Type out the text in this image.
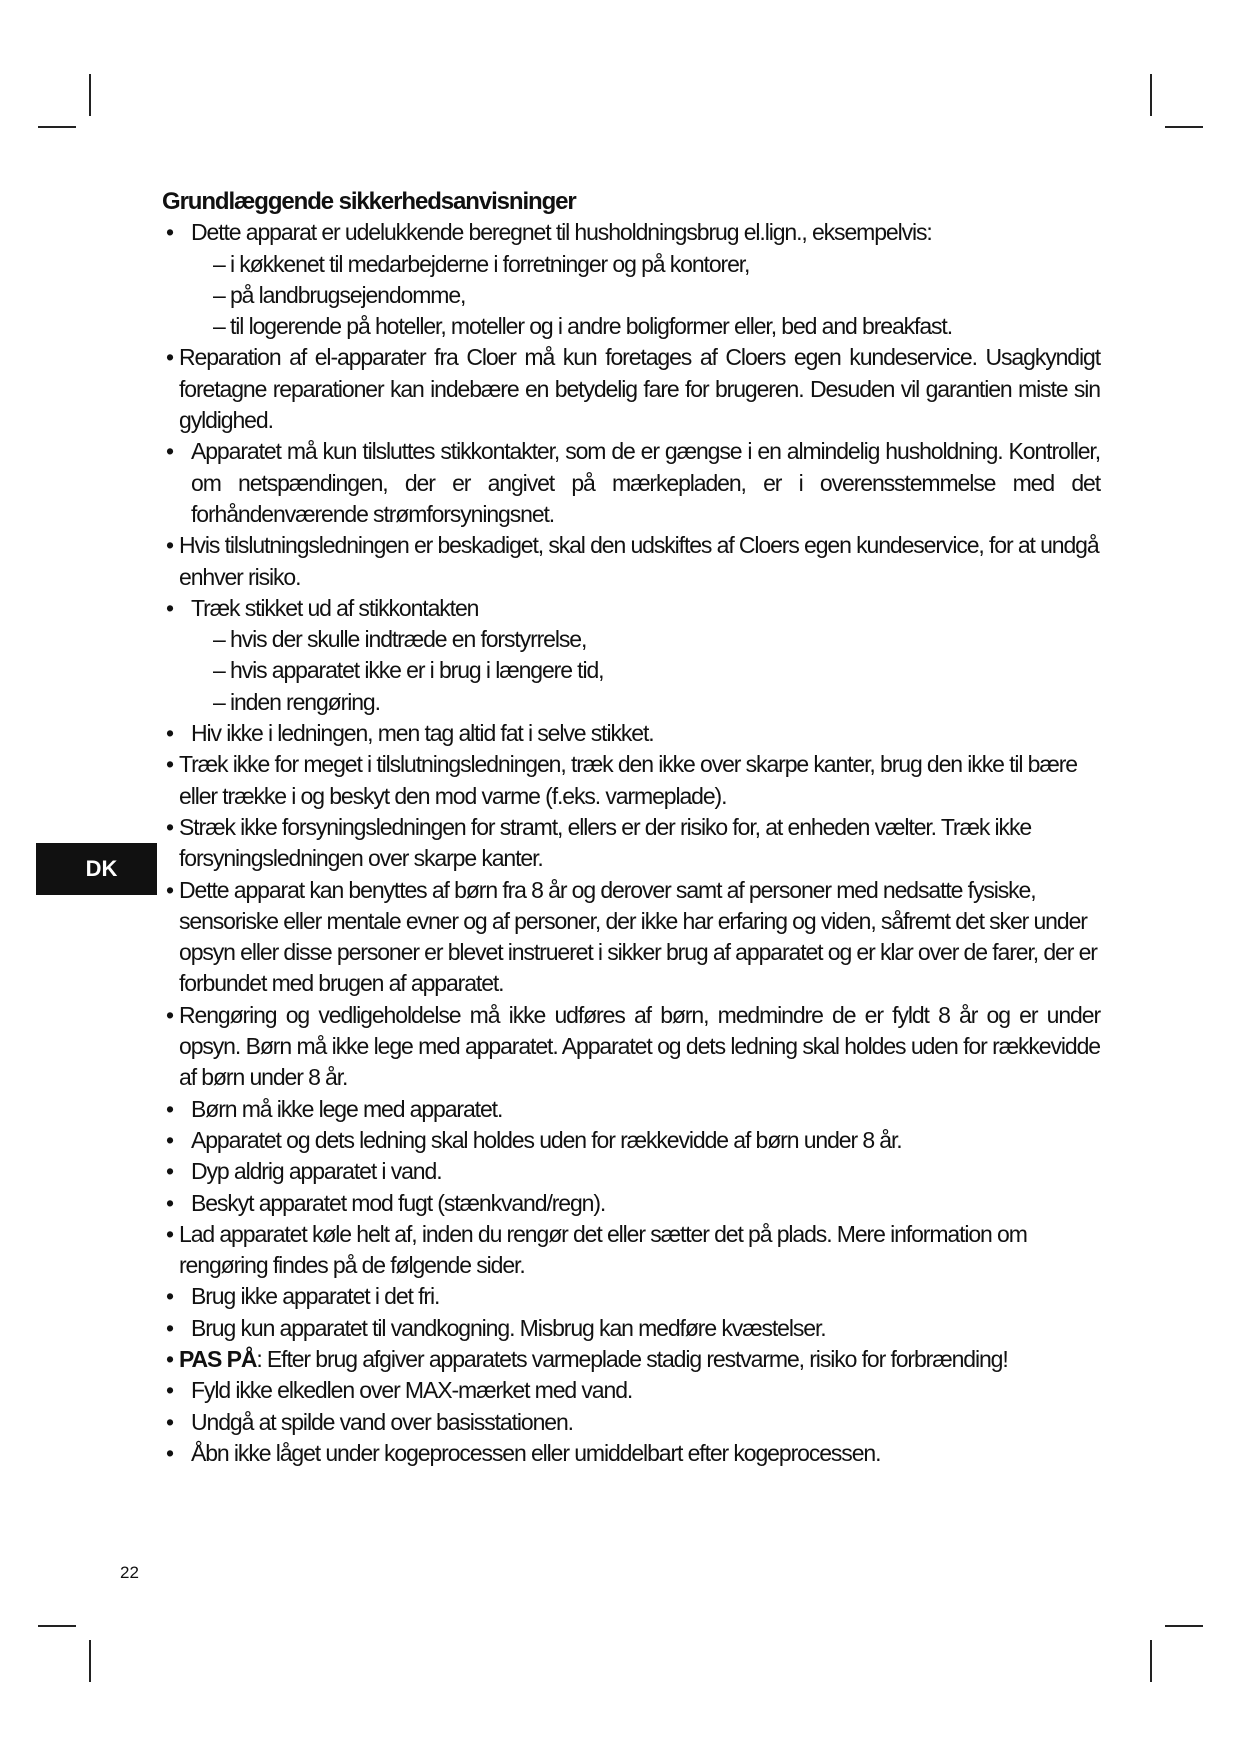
DK
Grundlæggende sikkerhedsanvisninger
• Dette apparat er udelukkende beregnet til husholdningsbrug el.lign., eksempelvis:
– i køkkenet til medarbejderne i forretninger og på kontorer,
– på landbrugsejendomme,
– til logerende på hoteller, moteller og i andre boligformer eller, bed and breakfast.
• Reparation af el-apparater fra Cloer må kun foretages af Cloers egen kundeservice. Usagkyndigt foretagne reparationer kan indebære en betydelig fare for brugeren. Desuden vil garantien miste sin gyldighed.
• Apparatet må kun tilsluttes stikkontakter, som de er gængse i en almindelig husholdning. Kontroller, om netspændingen, der er angivet på mærkepladen, er i overensstemmelse med det forhåndenværende strømforsyningsnet.
• Hvis tilslutningsledningen er beskadiget, skal den udskiftes af Cloers egen kundeservice, for at undgå enhver risiko.
• Træk stikket ud af stikkontakten
– hvis der skulle indtræde en forstyrrelse,
– hvis apparatet ikke er i brug i længere tid,
– inden rengøring.
• Hiv ikke i ledningen, men tag altid fat i selve stikket.
• Træk ikke for meget i tilslutningsledningen, træk den ikke over skarpe kanter, brug den ikke til bære eller trække i og beskyt den mod varme (f.eks. varmeplade).
• Stræk ikke forsyningsledningen for stramt, ellers er der risiko for, at enheden vælter. Træk ikke forsyningsledningen over skarpe kanter.
• Dette apparat kan benyttes af børn fra 8 år og derover samt af personer med nedsatte fysiske, sensoriske eller mentale evner og af personer, der ikke har erfaring og viden, såfremt det sker under opsyn eller disse personer er blevet instrueret i sikker brug af apparatet og er klar over de farer, der er forbundet med brugen af apparatet.
• Rengøring og vedligeholdelse må ikke udføres af børn, medmindre de er fyldt 8 år og er under opsyn. Børn må ikke lege med apparatet. Apparatet og dets ledning skal holdes uden for rækkevidde af børn under 8 år.
• Børn må ikke lege med apparatet.
• Apparatet og dets ledning skal holdes uden for rækkevidde af børn under 8 år.
• Dyp aldrig apparatet i vand.
• Beskyt apparatet mod fugt (stænkvand/regn).
• Lad apparatet køle helt af, inden du rengør det eller sætter det på plads. Mere information om rengøring findes på de følgende sider.
• Brug ikke apparatet i det fri.
• Brug kun apparatet til vandkogning. Misbrug kan medføre kvæstelser.
• PAS PÅ: Efter brug afgiver apparatets varmeplade stadig restvarme, risiko for forbrænding!
• Fyld ikke elkedlen over MAX-mærket med vand.
• Undgå at spilde vand over basisstationen.
• Åbn ikke låget under kogeprocessen eller umiddelbart efter kogeprocessen.
22
